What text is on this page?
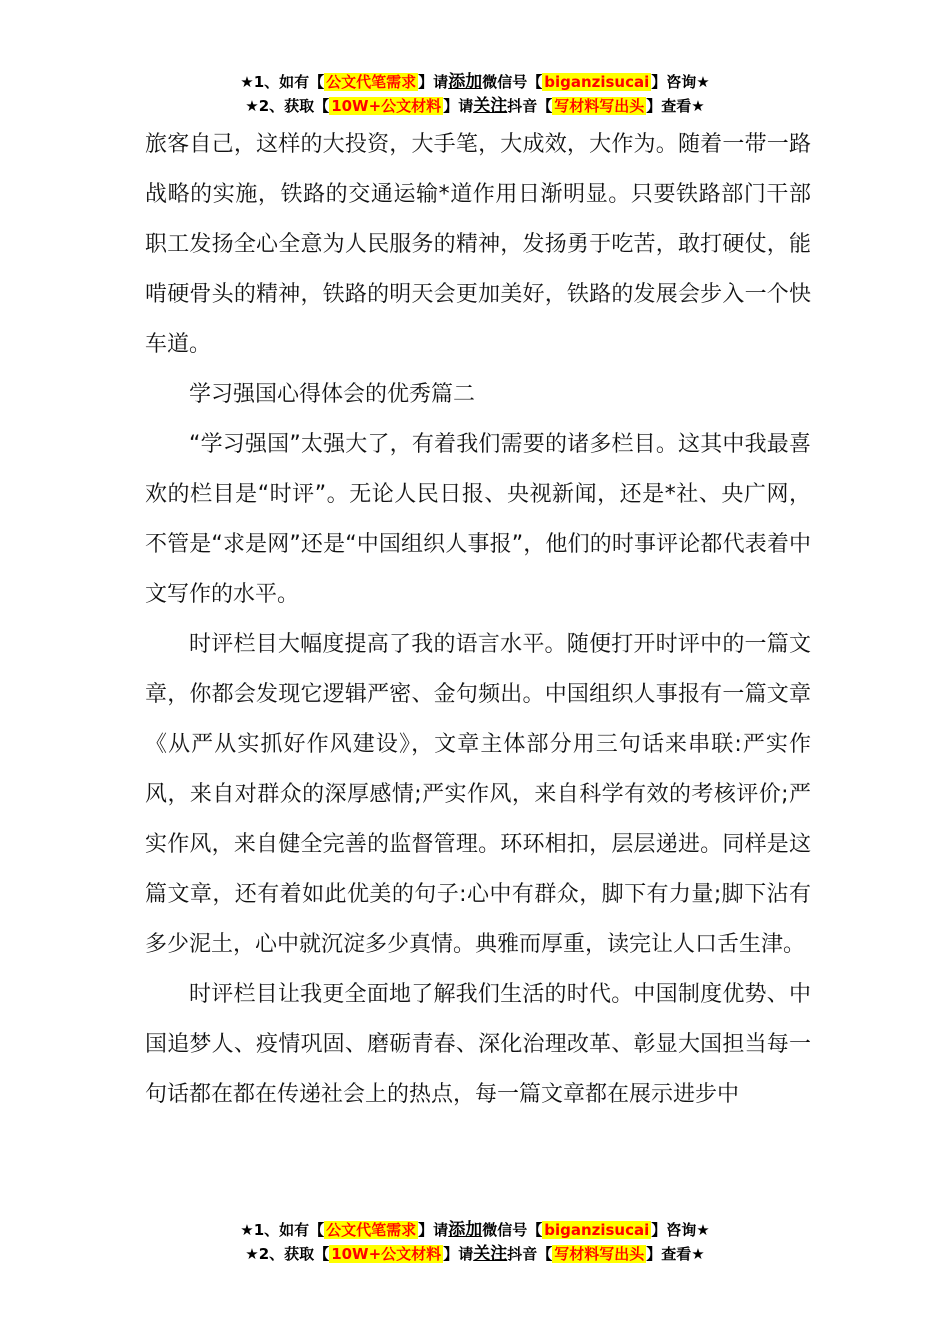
★1、如有【 公文代笔需求 】请添加微信号【 biganzisucai 】咨询★
★2、获取【 10W+公文材料 】请关注抖音【 写材料写出头 】查看★

旅客自己，这样的大投资，大手笔，大成效，大作为。随着一带一路战略的实施，铁路的交通运输*道作用日渐明显。只要铁路部门干部职工发扬全心全意为人民服务的精神，发扬勇于吃苦，敢打硬仗，能啃硬骨头的精神，铁路的明天会更加美好，铁路的发展会步入一个快车道。

学习强国心得体会的优秀篇二

“学习强国”太强大了，有着我们需要的诸多栏目。这其中我最喜欢的栏目是“时评”。无论人民日报、央视新闻，还是*社、央广网，不管是“求是网”还是“中国组织人事报”，他们的时事评论都代表着中文写作的水平。

时评栏目大幅度提高了我的语言水平。随便打开时评中的一篇文章，你都会发现它逻辑严密、金句频出。中国组织人事报有一篇文章《从严从实抓好作风建设》，文章主体部分用三句话来串联:严实作风，来自对群众的深厚感情;严实作风，来自科学有效的考核评价;严实作风，来自健全完善的监督管理。环环相扣，层层递进。同样是这篇文章，还有着如此优美的句子:心中有群众，脚下有力量;脚下沾有多少泥土，心中就沉淀多少真情。典雅而厚重，读完让人口舌生津。

时评栏目让我更全面地了解我们生活的时代。中国制度优势、中国追梦人、疫情巩固、磨砺青春、深化治理改革、彰显大国担当每一句话都在都在传递社会上的热点，每一篇文章都在展示进步中

★1、如有【 公文代笔需求 】请添加微信号【 biganzisucai 】咨询★
★2、获取【 10W+公文材料 】请关注抖音【 写材料写出头 】查看★
